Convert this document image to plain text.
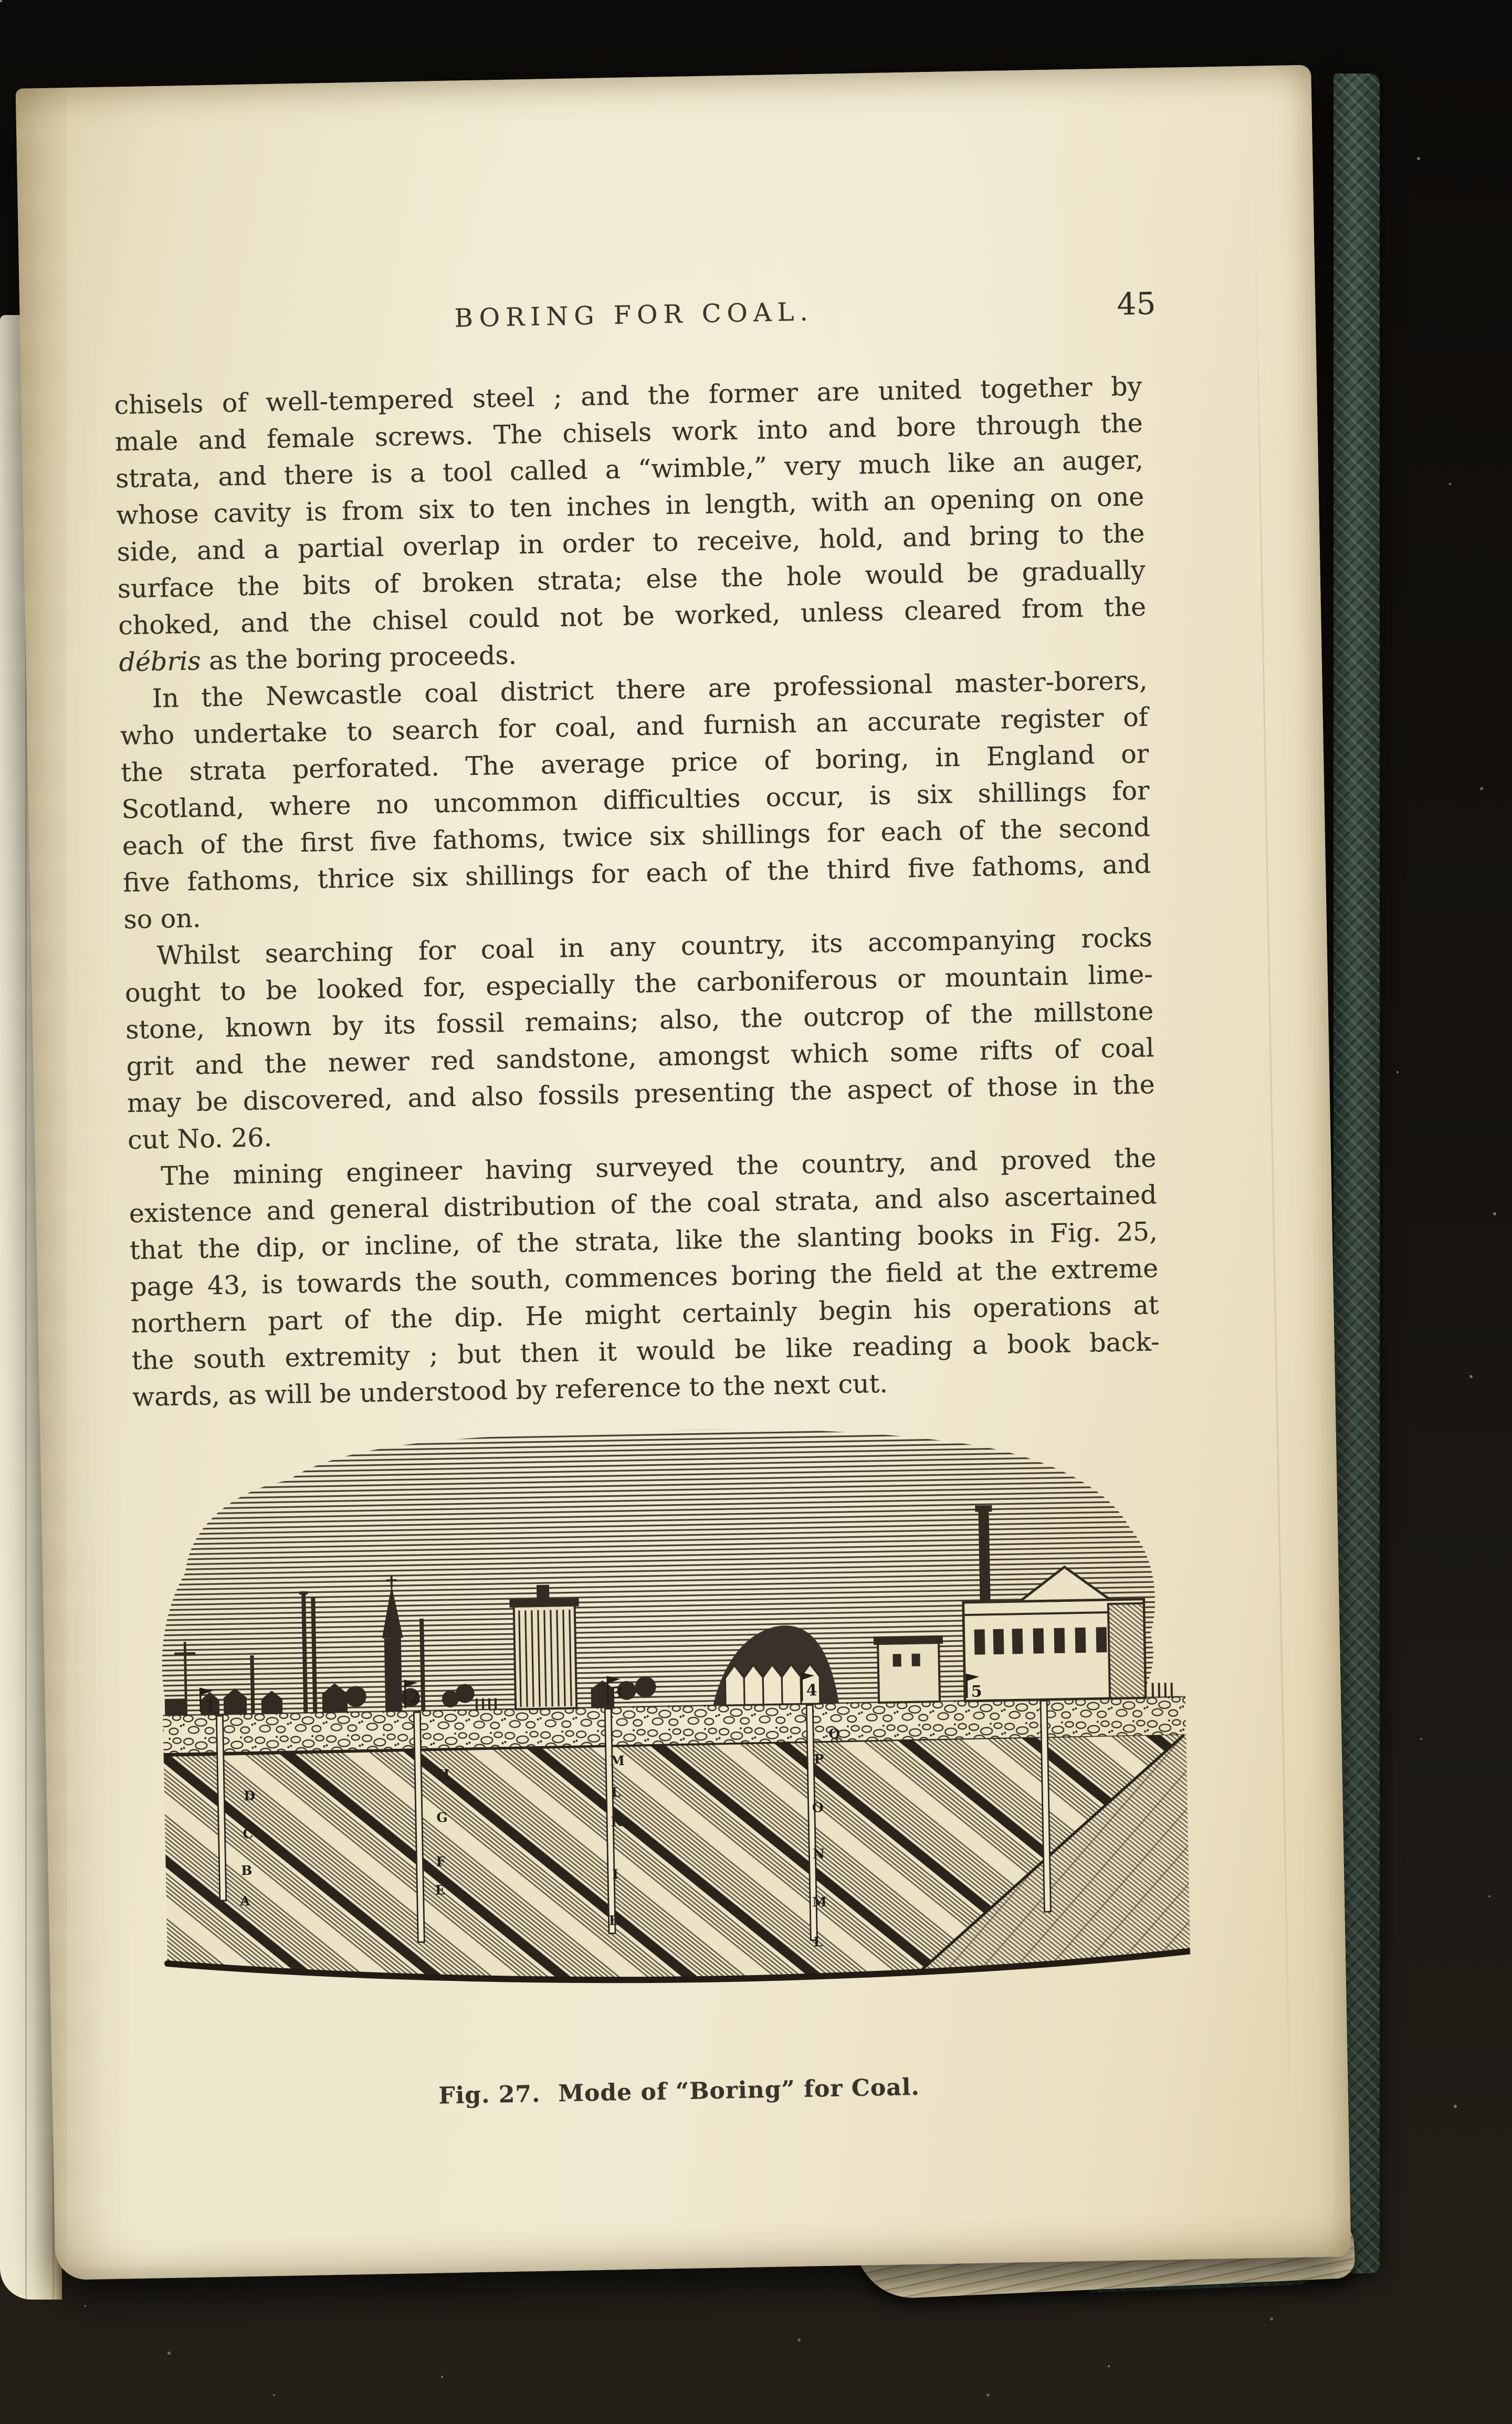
BORING FOR COAL.	45
chisels of well-tempered steel ; and the former are united together by
male and female screws. The chisels work into and bore through the
strata, and there is a tool called a “wimble,” very much like an auger,
whose cavity is from six to ten inches in length, with an opening on one
side, and a partial overlap in order to receive, hold, and bring to the
surface the bits of broken strata; else the hole would be gradually
choked, and the chisel could not be worked, unless cleared from the
débris as the boring proceeds.
In the Newcastle coal district there are professional master-borers,
who undertake to search for coal, and furnish an accurate register of
the strata perforated. The average price of boring, in England or
Scotland, where no uncommon difficulties occur, is six shillings for
each of the first five fathoms, twice six shillings for each of the second
five fathoms, thrice six shillings for each of the third five fathoms, and
so on.
Whilst searching for coal in any country, its accompanying rocks
ought to be looked for, especially the carboniferous or mountain lime-
stone, known by its fossil remains; also, the outcrop of the millstone
grit and the newer red sandstone, amongst which some rifts of coal
may be discovered, and also fossils presenting the aspect of those in the
cut No. 26.
The mining engineer having surveyed the country, and proved the
existence and general distribution of the coal strata, and also ascertained
that the dip, or incline, of the strata, like the slanting books in Fig. 25,
page 43, is towards the south, commences boring the field at the extreme
northern part of the dip. He might certainly begin his operations at
the south extremity ; but then it would be like reading a book back-
wards, as will be understood by reference to the next cut.
D
C
B
A
H
G
F
E
M
L
K
I
H
Q
P
O
N
M
L
1	2	3	4	5
Fig. 27. Mode of “Boring” for Coal.
